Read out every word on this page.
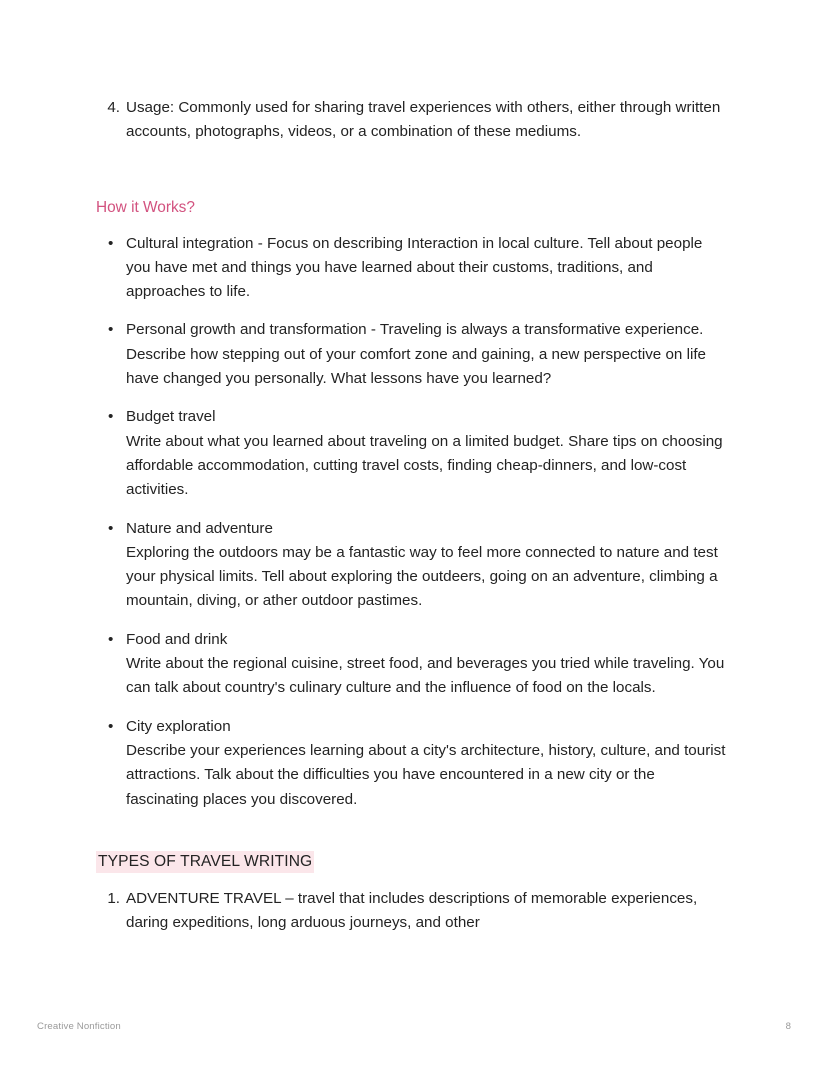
4. Usage: Commonly used for sharing travel experiences with others, either through written accounts, photographs, videos, or a combination of these mediums.
How it Works?
• Cultural integration - Focus on describing Interaction in local culture. Tell about people you have met and things you have learned about their customs, traditions, and approaches to life.
• Personal growth and transformation - Traveling is always a transformative experience. Describe how stepping out of your comfort zone and gaining, a new perspective on life have changed you personally. What lessons have you learned?
• Budget travel
Write about what you learned about traveling on a limited budget. Share tips on choosing affordable accommodation, cutting travel costs, finding cheap-dinners, and low-cost activities.
• Nature and adventure
Exploring the outdoors may be a fantastic way to feel more connected to nature and test your physical limits. Tell about exploring the outdeers, going on an adventure, climbing a mountain, diving, or ather outdoor pastimes.
• Food and drink
Write about the regional cuisine, street food, and beverages you tried while traveling. You can talk about country's culinary culture and the influence of food on the locals.
• City exploration
Describe your experiences learning about a city's architecture, history, culture, and tourist attractions. Talk about the difficulties you have encountered in a new city or the fascinating places you discovered.
TYPES OF TRAVEL WRITING
1. ADVENTURE TRAVEL – travel that includes descriptions of memorable experiences, daring expeditions, long arduous journeys, and other
Creative Nonfiction	8
